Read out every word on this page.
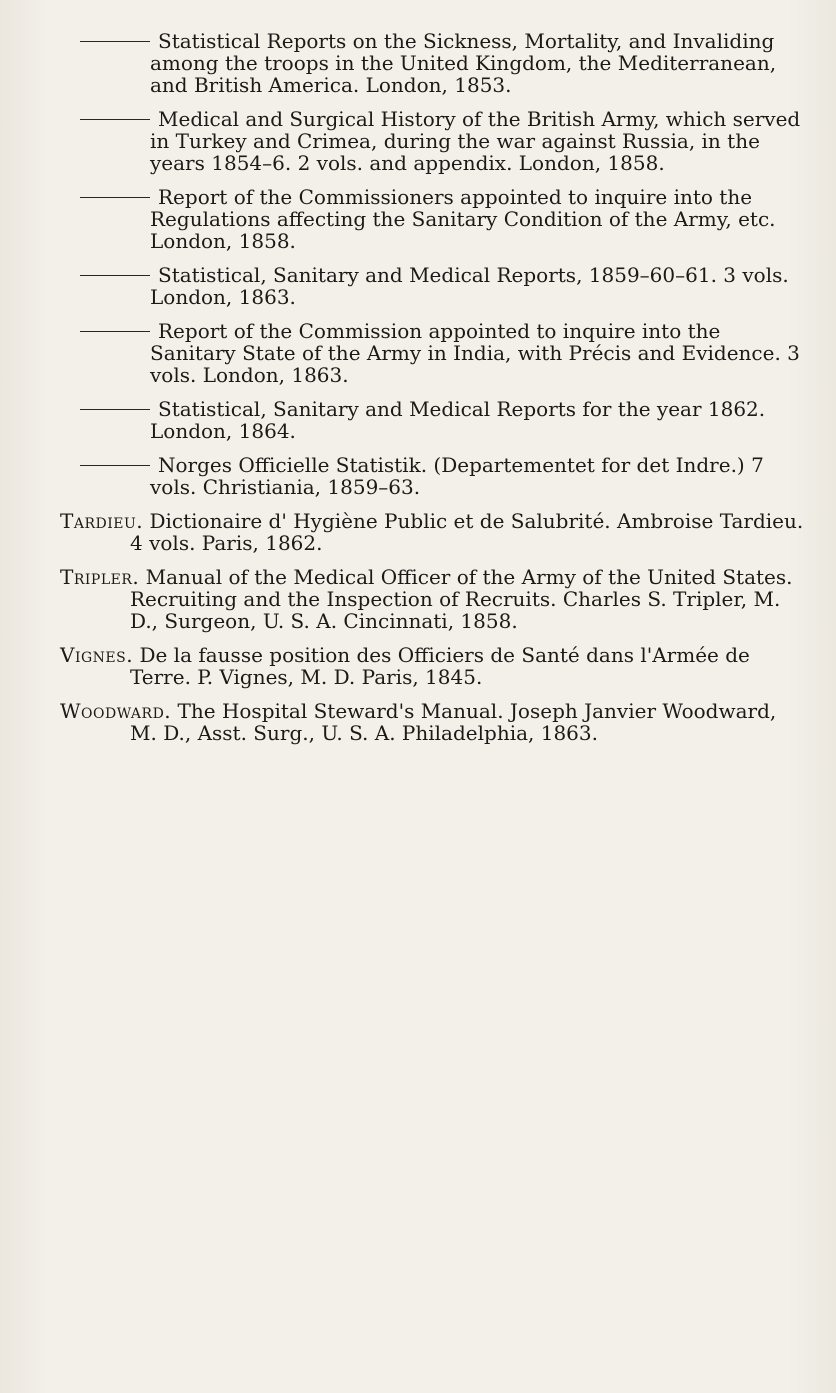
Statistical Reports on the Sickness, Mortality, and Invaliding among the troops in the United Kingdom, the Mediterranean, and British America. London, 1853.
Medical and Surgical History of the British Army, which served in Turkey and Crimea, during the war against Russia, in the years 1854–6. 2 vols. and appendix. London, 1858.
Report of the Commissioners appointed to inquire into the Regulations affecting the Sanitary Condition of the Army, etc. London, 1858.
Statistical, Sanitary and Medical Reports, 1859–60–61. 3 vols. London, 1863.
Report of the Commission appointed to inquire into the Sanitary State of the Army in India, with Précis and Evidence. 3 vols. London, 1863.
Statistical, Sanitary and Medical Reports for the year 1862. London, 1864.
Norges Officielle Statistik. (Departementet for det Indre.) 7 vols. Christiania, 1859–63.
Tardieu. Dictionaire d' Hygiène Public et de Salubrité. Ambroise Tardieu. 4 vols. Paris, 1862.
Tripler. Manual of the Medical Officer of the Army of the United States. Recruiting and the Inspection of Recruits. Charles S. Tripler, M. D., Surgeon, U. S. A. Cincinnati, 1858.
Vignes. De la fausse position des Officiers de Santé dans l'Armée de Terre. P. Vignes, M. D. Paris, 1845.
Woodward. The Hospital Steward's Manual. Joseph Janvier Woodward, M. D., Asst. Surg., U. S. A. Philadelphia, 1863.
